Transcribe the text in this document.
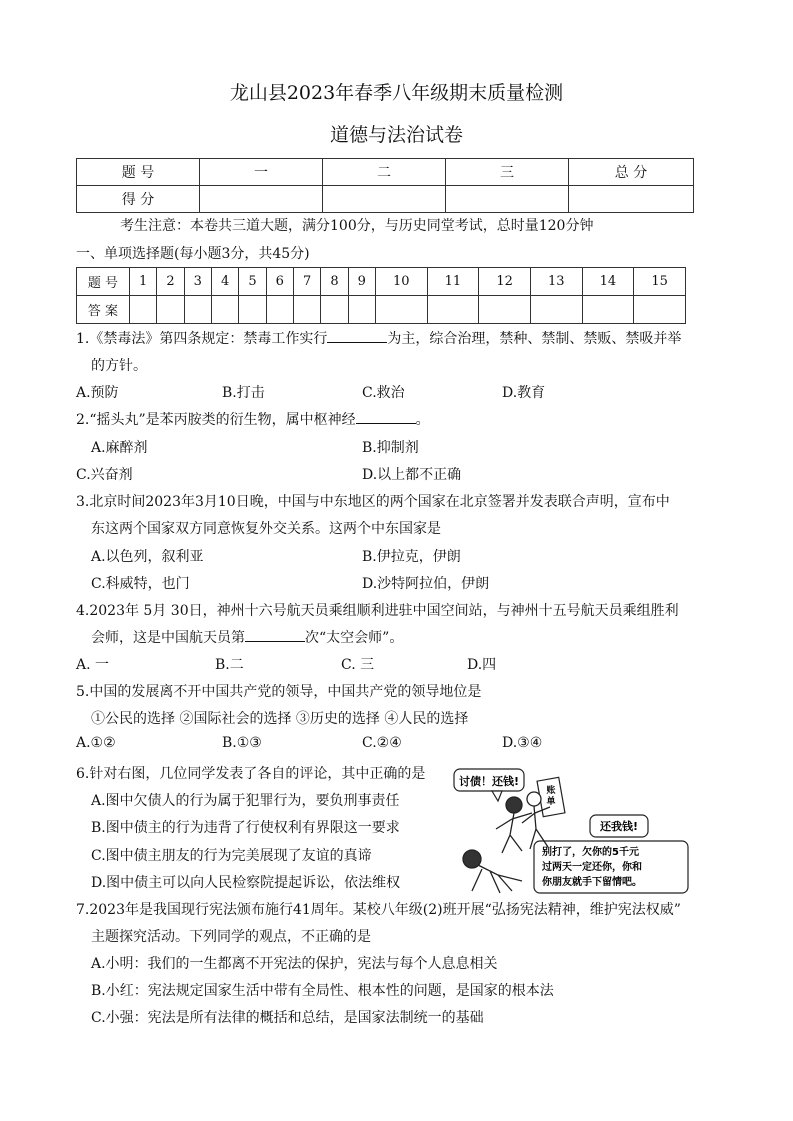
龙山县2023年春季八年级期末质量检测
道德与法治试卷
题 号	一	二	三	总 分
得 分				
考生注意：本卷共三道大题，满分100分，与历史同堂考试，总时量120分钟
一、单项选择题(每小题3分，共45分)
题 号	1	2	3	4	5	6	7	8	9	10	11	12	13	14	15
答 案															
1.《禁毒法》第四条规定：禁毒工作实行	为主，综合治理，禁种、禁制、禁贩、禁吸并举
的方针。
A.预防	B.打击	C.救治	D.教育
2.“摇头丸”是苯丙胺类的衍生物，属中枢神经	。
A.麻醉剂	B.抑制剂
C.兴奋剂	D.以上都不正确
3.北京时间2023年3月10日晚，中国与中东地区的两个国家在北京签署并发表联合声明，宣布中
东这两个国家双方同意恢复外交关系。这两个中东国家是
A.以色列，叙利亚	B.伊拉克，伊朗
C.科威特，也门	D.沙特阿拉伯，伊朗
4.2023年 5月 30日，神州十六号航天员乘组顺利进驻中国空间站，与神州十五号航天员乘组胜利
会师，这是中国航天员第	次“太空会师”。
A. 一	B.二	C. 三	D.四
5.中国的发展离不开中国共产党的领导，中国共产党的领导地位是
①公民的选择 ②国际社会的选择 ③历史的选择 ④人民的选择
A.①②	B.①③	C.②④	D.③④
6.针对右图，几位同学发表了各自的评论，其中正确的是
A.图中欠债人的行为属于犯罪行为，要负刑事责任
B.图中债主的行为违背了行使权利有界限这一要求
C.图中债主朋友的行为完美展现了友谊的真谛
D.图中债主可以向人民检察院提起诉讼，依法维权
讨债！还钱!
账单
还我钱!
别打了，欠你的5千元 过两天一定还你，你和 你朋友就手下留情吧。
7.2023年是我国现行宪法颁布施行41周年。某校八年级(2)班开展“弘扬宪法精神，维护宪法权威”
主题探究活动。下列同学的观点，不正确的是
A.小明：我们的一生都离不开宪法的保护，宪法与每个人息息相关
B.小红：宪法规定国家生活中带有全局性、根本性的问题，是国家的根本法
C.小强：宪法是所有法律的概括和总结，是国家法制统一的基础
